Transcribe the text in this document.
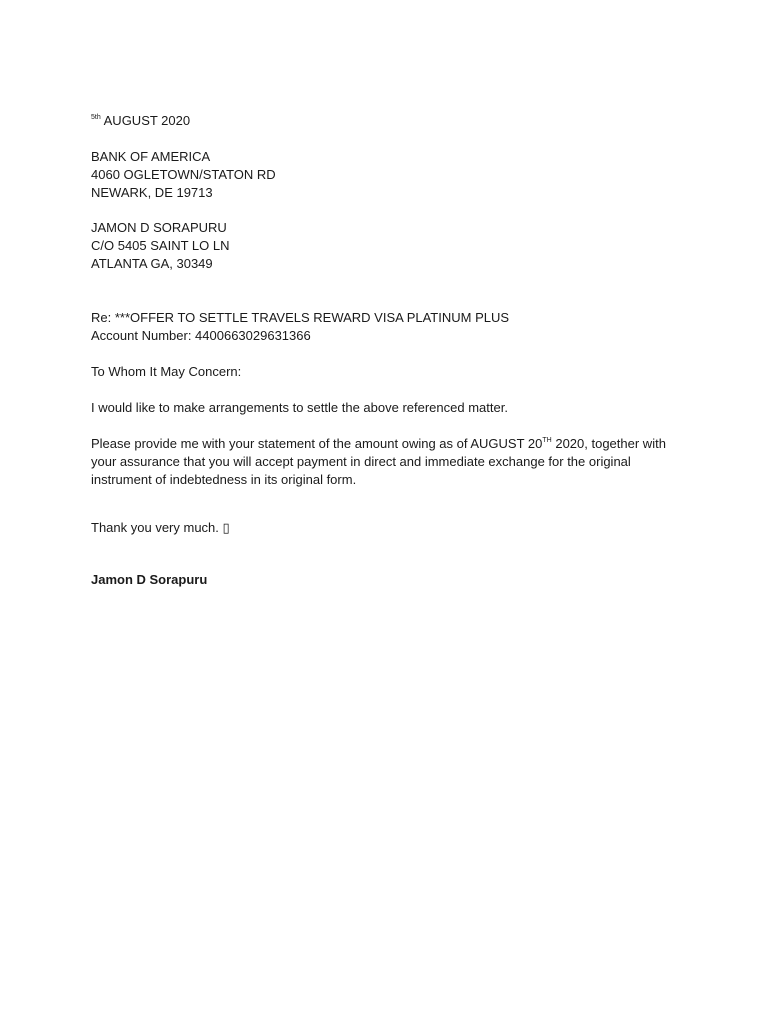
$^{5th}$ AUGUST 2020
BANK OF AMERICA
4060 OGLETOWN/STATON RD
NEWARK, DE 19713
JAMON D SORAPURU
C/O 5405 SAINT LO LN
ATLANTA GA, 30349
Re: ***OFFER TO SETTLE TRAVELS REWARD VISA PLATINUM PLUS
Account Number: 4400663029631366
To Whom It May Concern:
I would like to make arrangements to settle the above referenced matter.
Please provide me with your statement of the amount owing as of AUGUST 20TH 2020, together with your assurance that you will accept payment in direct and immediate exchange for the original instrument of indebtedness in its original form.
Thank you very much. ▯
Jamon D Sorapuru
